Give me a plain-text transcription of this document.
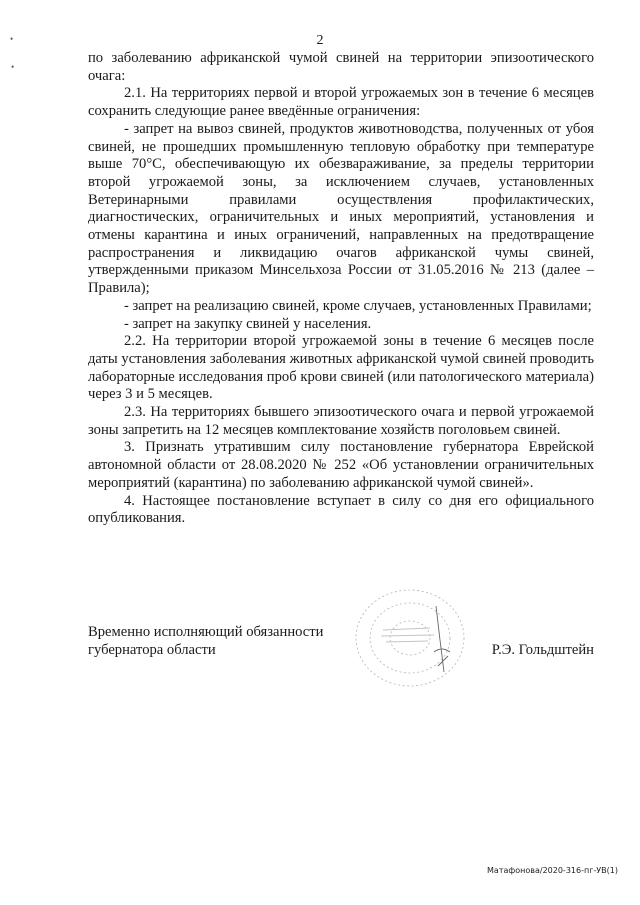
2
•
•

по заболеванию африканской чумой свиней на территории эпизоотического очага:

2.1. На территориях первой и второй угрожаемых зон в течение 6 месяцев сохранить следующие ранее введённые ограничения:

- запрет на вывоз свиней, продуктов животноводства, полученных от убоя свиней, не прошедших промышленную тепловую обработку при температуре выше 70°С, обеспечивающую их обезвараживание, за пределы территории второй угрожаемой зоны, за исключением случаев, установленных Ветеринарными правилами осуществления профилактических, диагностических, ограничительных и иных мероприятий, установления и отмены карантина и иных ограничений, направленных на предотвращение распространения и ликвидацию очагов африканской чумы свиней, утвержденными приказом Минсельхоза России от 31.05.2016 № 213 (далее – Правила);

- запрет на реализацию свиней, кроме случаев, установленных Правилами;

- запрет на закупку свиней у населения.

2.2. На территории второй угрожаемой зоны в течение 6 месяцев после даты установления заболевания животных африканской чумой свиней проводить лабораторные исследования проб крови свиней (или патологического материала) через 3 и 5 месяцев.

2.3. На территориях бывшего эпизоотического очага и первой угрожаемой зоны запретить на 12 месяцев комплектование хозяйств поголовьем свиней.

3. Признать утратившим силу постановление губернатора Еврейской автономной области от 28.08.2020 № 252 «Об установлении ограничительных мероприятий (карантина) по заболеванию африканской чумой свиней».

4. Настоящее постановление вступает в силу со дня его официального опубликования.

Временно исполняющий обязанности

губернатора области	Р.Э. Гольдштейн
Матафонова/2020-316-пг-УВ(1)
